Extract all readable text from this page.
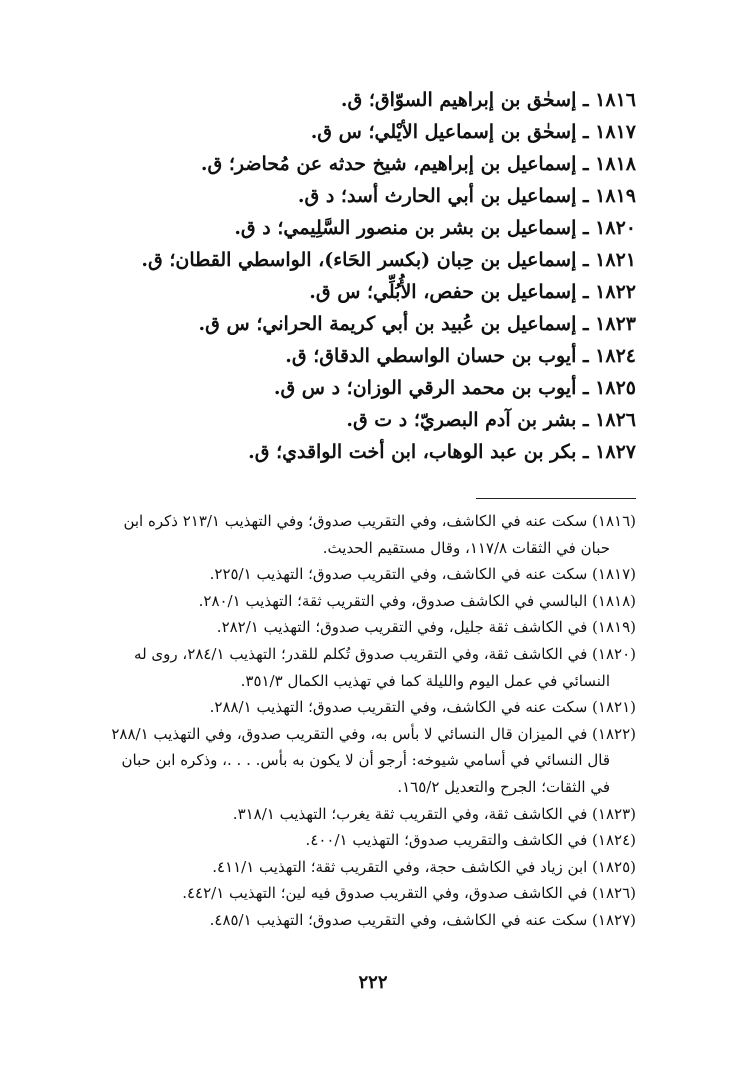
١٨١٦ ـ إسحٰق بن إبراهيم السوّاق؛ ق.
١٨١٧ ـ إسحٰق بن إسماعيل الأيْلي؛ س ق.
١٨١٨ ـ إسماعيل بن إبراهيم، شيخ حدثه عن مُحاضر؛ ق.
١٨١٩ ـ إسماعيل بن أبي الحارث أسد؛ د ق.
١٨٢٠ ـ إسماعيل بن بشر بن منصور السَّلِيمي؛ د ق.
١٨٢١ ـ إسماعيل بن حِبان (بكسر الحَاء)، الواسطي القطان؛ ق.
١٨٢٢ ـ إسماعيل بن حفص، الأُبُلِّي؛ س ق.
١٨٢٣ ـ إسماعيل بن عُبيد بن أبي كريمة الحراني؛ س ق.
١٨٢٤ ـ أيوب بن حسان الواسطي الدقاق؛ ق.
١٨٢٥ ـ أيوب بن محمد الرقي الوزان؛ د س ق.
١٨٢٦ ـ بشر بن آدم البصريّ؛ د ت ق.
١٨٢٧ ـ بكر بن عبد الوهاب، ابن أخت الواقدي؛ ق.
(١٨١٦) سكت عنه في الكاشف، وفي التقريب صدوق؛ وفي التهذيب ٢١٣/١ ذكره ابن
حبان في الثقات ١١٧/٨، وقال مستقيم الحديث.
(١٨١٧) سكت عنه في الكاشف، وفي التقريب صدوق؛ التهذيب ٢٢٥/١.
(١٨١٨) البالسي في الكاشف صدوق، وفي التقريب ثقة؛ التهذيب ٢٨٠/١.
(١٨١٩) في الكاشف ثقة جليل، وفي التقريب صدوق؛ التهذيب ٢٨٢/١.
(١٨٢٠) في الكاشف ثقة، وفي التقريب صدوق تُكلم للقدر؛ التهذيب ٢٨٤/١، روى له
النسائي في عمل اليوم والليلة كما في تهذيب الكمال ٣٥١/٣.
(١٨٢١) سكت عنه في الكاشف، وفي التقريب صدوق؛ التهذيب ٢٨٨/١.
(١٨٢٢) في الميزان قال النسائي لا بأس به، وفي التقريب صدوق، وفي التهذيب ٢٨٨/١
قال النسائي في أسامي شيوخه: أرجو أن لا يكون به بأس. . . .، وذكره ابن حبان
في الثقات؛ الجرح والتعديل ١٦٥/٢.
(١٨٢٣) في الكاشف ثقة، وفي التقريب ثقة يغرب؛ التهذيب ٣١٨/١.
(١٨٢٤) في الكاشف والتقريب صدوق؛ التهذيب ٤٠٠/١.
(١٨٢٥) ابن زياد في الكاشف حجة، وفي التقريب ثقة؛ التهذيب ٤١١/١.
(١٨٢٦) في الكاشف صدوق، وفي التقريب صدوق فيه لين؛ التهذيب ٤٤٢/١.
(١٨٢٧) سكت عنه في الكاشف، وفي التقريب صدوق؛ التهذيب ٤٨٥/١.
٢٢٢
